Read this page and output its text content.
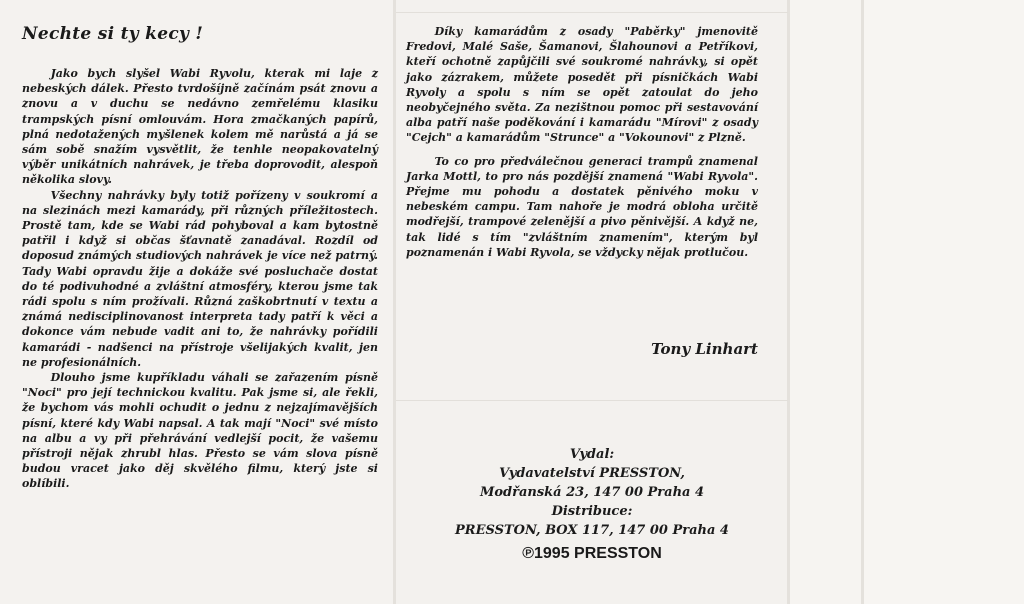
Nechte si ty kecy !

Jako bych slyšel Wabi Ryvolu, kterak mi laje z nebeských dálek. Přesto tvrdošíjně začínám psát znovu a znovu a v duchu se nedávno zemřelému klasiku trampských písní omlouvám. Hora zmačkaných papírů, plná nedotažených myšlenek kolem mě narůstá a já se sám sobě snažím vysvětlit, že tenhle neopakovatelný výběr unikátních nahrávek, je třeba doprovodit, alespoň několika slovy.

Všechny nahrávky byly totiž pořízeny v soukromí a na slezinách mezi kamarády, při různých příležitostech. Prostě tam, kde se Wabi rád pohyboval a kam bytostně patřil i když si občas šťavnatě zanadával. Rozdíl od doposud známých studiových nahrávek je více než patrný. Tady Wabi opravdu žije a dokáže své posluchače dostat do té podivuhodné a zvláštní atmosféry, kterou jsme tak rádi spolu s ním prožívali. Různá zaškobrtnutí v textu a známá nedisciplinovanost interpreta tady patří k věci a dokonce vám nebude vadit ani to, že nahrávky pořídili kamarádi - nadšenci na přístroje všelijakých kvalit, jen ne profesionálních.

Dlouho jsme kupříkladu váhali se zařazením písně "Noci" pro její technickou kvalitu. Pak jsme si, ale řekli, že bychom vás mohli ochudit o jednu z nejzajímavějších písní, které kdy Wabi napsal. A tak mají "Noci" své místo na albu a vy při přehrávání vedlejší pocit, že vašemu přístroji nějak zhrubl hlas. Přesto se vám slova písně budou vracet jako děj skvělého filmu, který jste si oblíbili.

Díky kamarádům z osady "Paběrky" jmenovitě Fredovi, Malé Saše, Šamanovi, Šlahounovi a Petříkovi, kteří ochotně zapůjčili své soukromé nahrávky, si opět jako zázrakem, můžete posedět při písničkách Wabi Ryvoly a spolu s ním se opět zatoulat do jeho neobyčejného světa. Za nezištnou pomoc při sestavování alba patří naše poděkování i kamarádu "Mírovi" z osady "Cejch" a kamarádům "Strunce" a "Vokounovi" z Plzně.

To co pro předválečnou generaci trampů znamenal Jarka Mottl, to pro nás pozdější znamená "Wabi Ryvola". Přejme mu pohodu a dostatek pěnivého moku v nebeském campu. Tam nahoře je modrá obloha určitě modřejší, trampové zelenější a pivo pěnivější. A když ne, tak lidé s tím "zvláštním znamením", kterým byl poznamenán i Wabi Ryvola, se vždycky nějak protlučou.

Tony Linhart
Vydal:
Vydavatelství PRESSTON,
Modřanská 23, 147 00 Praha 4
Distribuce:
PRESSTON, BOX 117, 147 00 Praha 4
℗1995 PRESSTON
